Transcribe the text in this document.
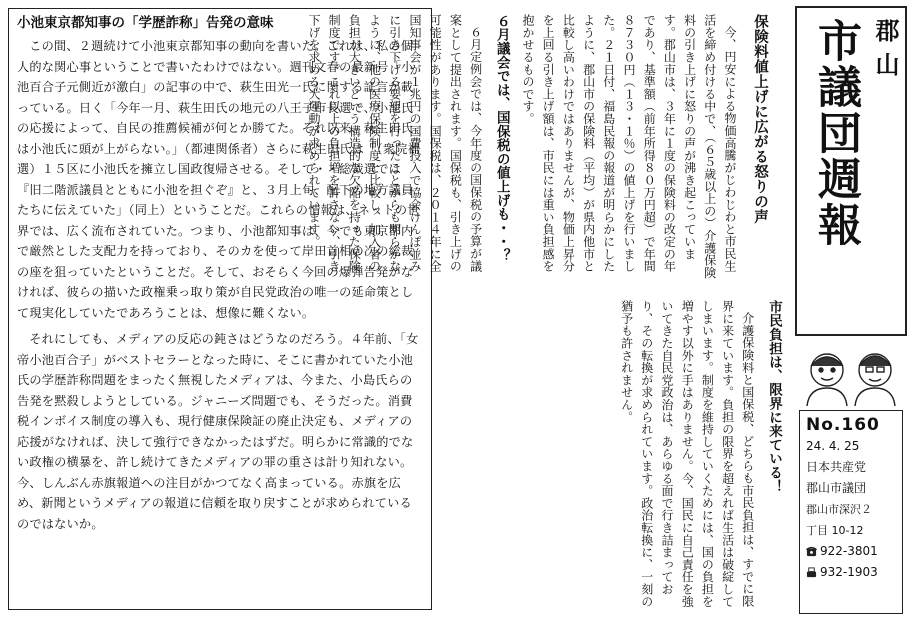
小池東京都知事の「学歴詐称」告発の意味

この間、２週続けて小池東京都知事の動向を書いた。これは、私の個人的な関心事ということで書いたわけではない。週刊文春の最新号「小池百合子元側近が激白」の記事の中で、萩生田光一氏に関する証言が載っている。日く「今年一月、萩生田氏の地元の八王子市長選で、小池氏の応援によって、自民の推薦候補が何とか勝てた。それ以来、萩生田氏は小池氏に頭が上がらない。」（都連関係者）さらに萩生田氏は「（衆院補選）１５区に小池氏を擁立し国政復帰させる。そして・・総裁選では『旧二階派議員とともに小池を担ぐぞ』と、３月上旬、配下の地方議員たちに伝えていた」（同上）ということだ。これらの情報は、ネットの世界では、広く流布されていた。つまり、小池都知事は、今でも東京都内で厳然とした支配力を持っており、そのカを使って岸田首相の次の総裁の座を狙っていたということだ。そして、おそらく今回の爆弾告発がなければ、彼らの描いた政権乗っ取り策が自民党政治の唯一の延命策として現実化していたであろうことは、想像に難くない。

それにしても、メディアの反応の鈍さはどうなのだろう。４年前、「女帝小池百合子」がベストセラーとなった時に、そこに書かれていた小池氏の学歴詐称問題をまったく無視したメディアは、今また、小島氏らの告発を黙殺しようとしている。ジャニーズ問題でも、そうだった。消費税インボイス制度の導入も、現行健康保険証の廃止決定も、メディアの応援がなければ、決して強行できなかったはずだ。明らかに常識的でない政権の横暴を、許し続けてきたメディアの罪の重さは計り知れない。今、しんぶん赤旗報道への注目がかつてなく高まっている。赤旗を広め、新聞というメディアの報道に信頼を取り戻すことが求められているのではないか。

保険料値上げに広がる怒りの声

今、円安による物価高騰がじわじわと市民生活を締め付ける中で、（６５歳以上の）介護保険料の引き上げに怒りの声が沸き起こっています。郡山市は、３年に１度の保険料の改定の年であり、基準額（前年所得８０万円超）で年間８７３０円（１３・１％）の値上げを行いました。２１日付、福島民報の報道が明らかにしたように、郡山市の保険料（平均）が県内他市と比較し高いわけではありませんが、物価上昇分を上回る引き上げ額は、市民には重い負担感を抱かせるものです。

６月議会では、国保税の値上げも・・？

６月定例会では、今年度の国保税の予算が議案として提出されます。国保税も、引き上げの可能性があります。国保税は、２０１４年に全国知事会が１兆円の国費投入で協会けんぽ並みに引き下げる要望を行ったことからも明らかなように、他の医療保険制度と比較し、加入者の負担が大きいという構造的な欠陥を持った保険制度です。これ以上の負担増を許さない、引き下げを求める大運動が求められています。

市民負担は、限界に来ている！

介護保険料と国保税、どちらも市民負担は、すでに限界に来ています。負担の限界を超えれば生活は破綻してしまいます。制度を維持していくためには、国の負担を増やす以外に手はありません。今、国民に自己責任を強いてきた自民党政治は、あらゆる面で行き詰まっており、その転換が求められています。政治転換に、一刻の猶予も許されません。

郡山
市議団週報
No.160
24. 4. 25
日本共産党
郡山市議団
郡山市深沢２
丁目 10-12
922-3801
932-1903
